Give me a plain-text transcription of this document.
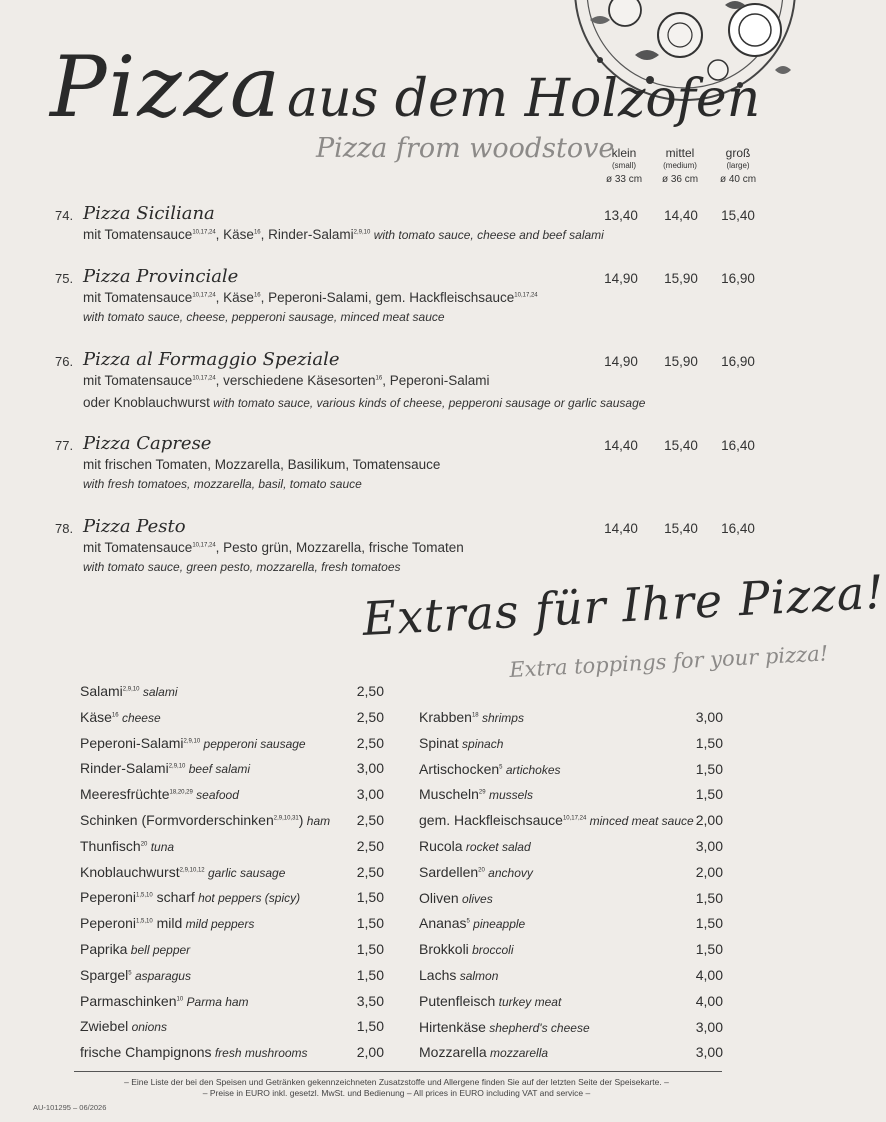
Pizza aus dem Holzofen
Pizza from woodstove
klein
(small)
ø 33 cm
mittel
(medium)
ø 36 cm
groß
(large)
ø 40 cm
74. Pizza Siciliana
mit Tomatensauce$^{10,17,24}$, Käse$^{16}$, Rinder-Salami$^{2,9,10}$ with tomato sauce, cheese and beef salami
13,40	14,40	15,40
75. Pizza Provinciale
mit Tomatensauce$^{10,17,24}$, Käse$^{16}$, Peperoni-Salami, gem. Hackfleischsauce$^{10,17,24}$
with tomato sauce, cheese, pepperoni sausage, minced meat sauce
14,90	15,90	16,90
76. Pizza al Formaggio Speziale
mit Tomatensauce$^{10,17,24}$, verschiedene Käsesorten$^{16}$, Peperoni-Salami
oder Knoblauchwurst with tomato sauce, various kinds of cheese, pepperoni sausage or garlic sausage
14,90	15,90	16,90
77. Pizza Caprese
mit frischen Tomaten, Mozzarella, Basilikum, Tomatensauce
with fresh tomatoes, mozzarella, basil, tomato sauce
14,40	15,40	16,40
78. Pizza Pesto
mit Tomatensauce$^{10,17,24}$, Pesto grün, Mozzarella, frische Tomaten
with tomato sauce, green pesto, mozzarella, fresh tomatoes
14,40	15,40	16,40
Extras für Ihre Pizza!
Extra toppings for your pizza!
Salami$^{2,9,10}$ salami	2,50
Käse$^{16}$ cheese	2,50
Peperoni-Salami$^{2,9,10}$ pepperoni sausage	2,50
Rinder-Salami$^{2,9,10}$ beef salami	3,00
Meeresfrüchte$^{18,20,29}$ seafood	3,00
Schinken (Formvorderschinken$^{2,9,10,31}$) ham	2,50
Thunfisch$^{20}$ tuna	2,50
Knoblauchwurst$^{2,9,10,12}$ garlic sausage	2,50
Peperoni$^{1,5,10}$ scharf hot peppers (spicy)	1,50
Peperoni$^{1,5,10}$ mild mild peppers	1,50
Paprika bell pepper	1,50
Spargel$^5$ asparagus	1,50
Parmaschinken$^{10}$ Parma ham	3,50
Zwiebel onions	1,50
frische Champignons fresh mushrooms	2,00
Krabben$^{18}$ shrimps	3,00
Spinat spinach	1,50
Artischocken$^5$ artichokes	1,50
Muscheln$^{29}$ mussels	1,50
gem. Hackfleischsauce$^{10,17,24}$ minced meat sauce 2,00
Rucola rocket salad	3,00
Sardellen$^{20}$ anchovy	2,00
Oliven olives	1,50
Ananas$^5$ pineapple	1,50
Brokkoli broccoli	1,50
Lachs salmon	4,00
Putenfleisch turkey meat	4,00
Hirtenkäse shepherd's cheese	3,00
Mozzarella mozzarella	3,00
– Eine Liste der bei den Speisen und Getränken gekennzeichneten Zusatzstoffe und Allergene finden Sie auf der letzten Seite der Speisekarte. –
– Preise in EURO inkl. gesetzl. MwSt. und Bedienung – All prices in EURO including VAT and service –
AU-101295 – 06/2026
